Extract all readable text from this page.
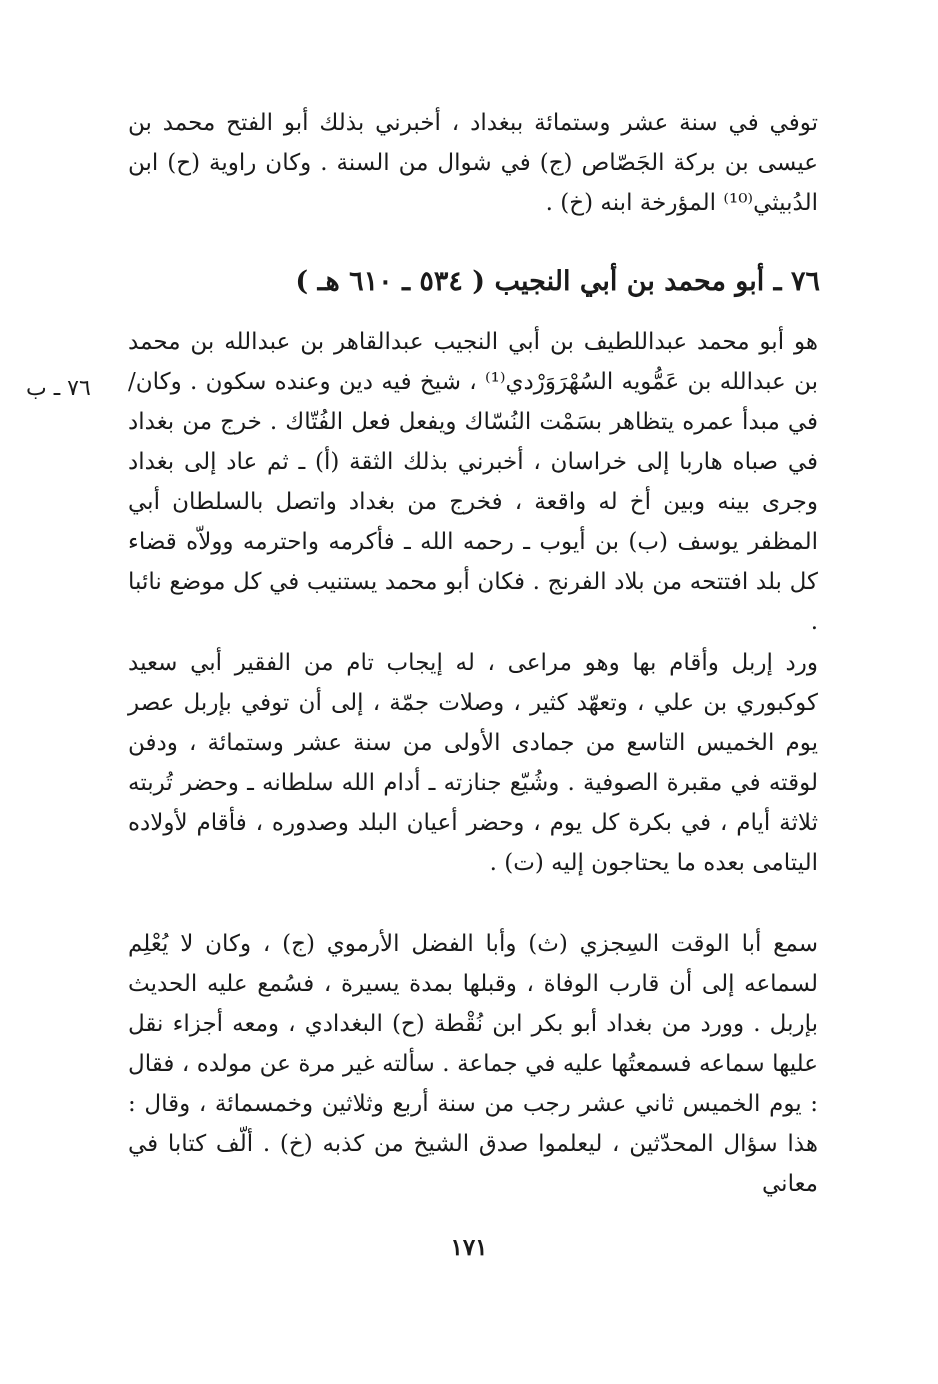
توفي في سنة عشر وستمائة ببغداد ، أخبرني بذلك أبو الفتح محمد بن عيسى بن بركة الجَصّاص (ج) في شوال من السنة . وكان راوية (ح) ابن الدُبيثي⁽¹⁰⁾ المؤرخة ابنه (خ) .

٧٦ ـ أبو محمد بن أبي النجيب ( ٥٣٤ ـ ٦١٠ هـ )
٧٦ ـ ب

هو أبو محمد عبداللطيف بن أبي النجيب عبدالقاهر بن عبدالله بن محمد بن عبدالله بن عَمُّويه السُهْرَوَرْدي⁽¹⁾ ، شيخ فيه دين وعنده سكون . وكان/ في مبدأ عمره يتظاهر بسَمْت النُسّاك ويفعل فعل الفُتّاك . خرج من بغداد في صباه هاربا إلى خراسان ، أخبرني بذلك الثقة (أ) ـ ثم عاد إلى بغداد وجرى بينه وبين أخ له واقعة ، فخرج من بغداد واتصل بالسلطان أبي المظفر يوسف (ب) بن أيوب ـ رحمه الله ـ فأكرمه واحترمه وولاّه قضاء كل بلد افتتحه من بلاد الفرنج . فكان أبو محمد يستنيب في كل موضع نائبا .

ورد إربل وأقام بها وهو مراعى ، له إيجاب تام من الفقير أبي سعيد كوكبوري بن علي ، وتعهّد كثير ، وصلات جمّة ، إلى أن توفي بإربل عصر يوم الخميس التاسع من جمادى الأولى من سنة عشر وستمائة ، ودفن لوقته في مقبرة الصوفية . وشُيّع جنازته ـ أدام الله سلطانه ـ وحضر تُربته ثلاثة أيام ، في بكرة كل يوم ، وحضر أعيان البلد وصدوره ، فأقام لأولاده اليتامى بعده ما يحتاجون إليه (ت) .

سمع أبا الوقت السِجزي (ث) وأبا الفضل الأرموي (ج) ، وكان لا يُعْلِم لسماعه إلى أن قارب الوفاة ، وقبلها بمدة يسيرة ، فسُمع عليه الحديث بإربل . وورد من بغداد أبو بكر ابن نُقْطة (ح) البغدادي ، ومعه أجزاء نقل عليها سماعه فسمعتُها عليه في جماعة . سألته غير مرة عن مولده ، فقال : يوم الخميس ثاني عشر رجب من سنة أربع وثلاثين وخمسمائة ، وقال : هذا سؤال المحدّثين ، ليعلموا صدق الشيخ من كذبه (خ) . ألّف كتابا في معاني

١٧١
